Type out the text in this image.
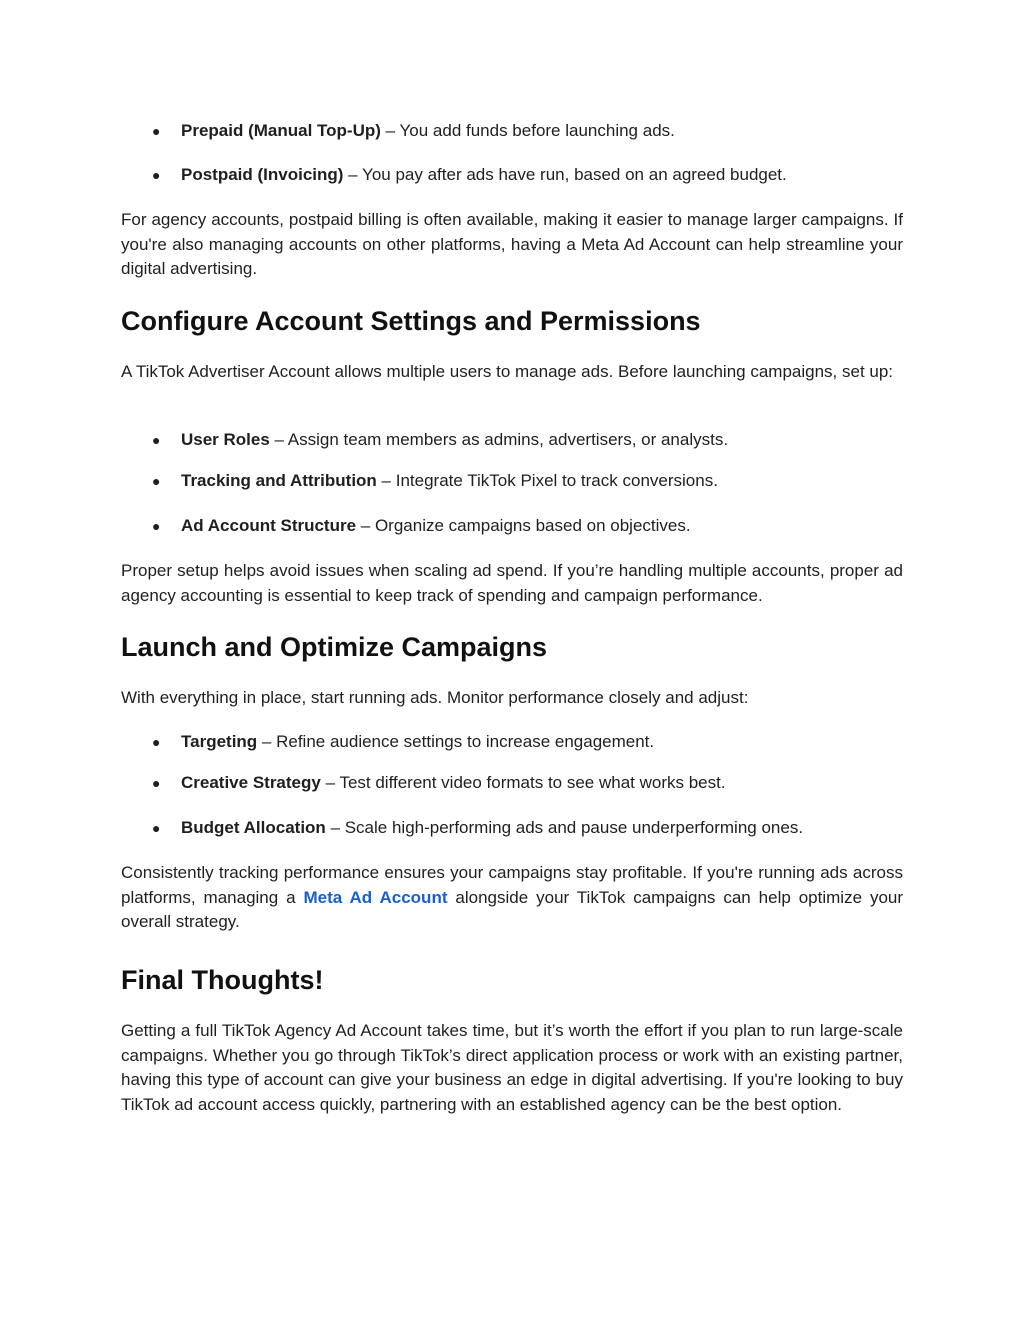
● Prepaid (Manual Top-Up) – You add funds before launching ads.
● Postpaid (Invoicing) – You pay after ads have run, based on an agreed budget.

For agency accounts, postpaid billing is often available, making it easier to manage larger campaigns. If you're also managing accounts on other platforms, having a Meta Ad Account can help streamline your digital advertising.

Configure Account Settings and Permissions

A TikTok Advertiser Account allows multiple users to manage ads. Before launching campaigns, set up:

● User Roles – Assign team members as admins, advertisers, or analysts.
● Tracking and Attribution – Integrate TikTok Pixel to track conversions.
● Ad Account Structure – Organize campaigns based on objectives.

Proper setup helps avoid issues when scaling ad spend. If you’re handling multiple accounts, proper ad agency accounting is essential to keep track of spending and campaign performance.

Launch and Optimize Campaigns

With everything in place, start running ads. Monitor performance closely and adjust:

● Targeting – Refine audience settings to increase engagement.
● Creative Strategy – Test different video formats to see what works best.
● Budget Allocation – Scale high-performing ads and pause underperforming ones.

Consistently tracking performance ensures your campaigns stay profitable. If you're running ads across platforms, managing a Meta Ad Account alongside your TikTok campaigns can help optimize your overall strategy.

Final Thoughts!

Getting a full TikTok Agency Ad Account takes time, but it’s worth the effort if you plan to run large-scale campaigns. Whether you go through TikTok’s direct application process or work with an existing partner, having this type of account can give your business an edge in digital advertising. If you're looking to buy TikTok ad account access quickly, partnering with an established agency can be the best option.
